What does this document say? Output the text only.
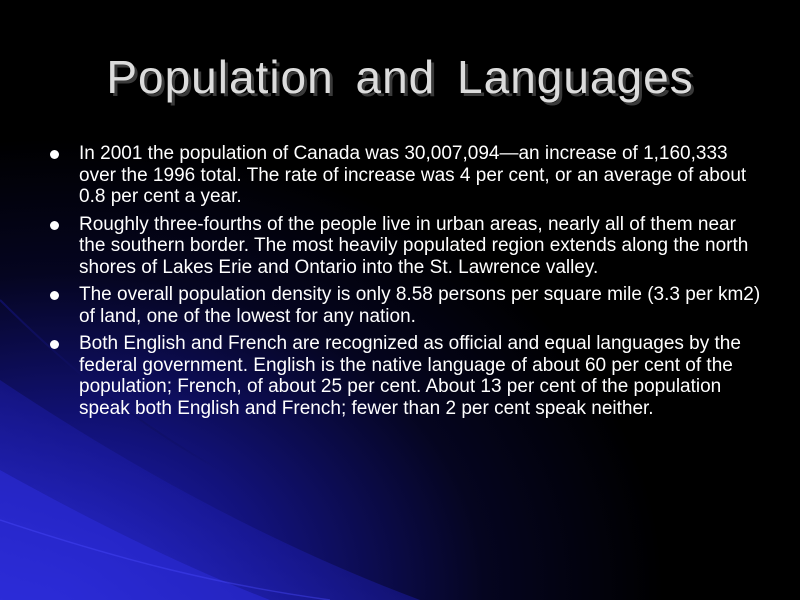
Population and Languages
In 2001 the population of Canada was 30,007,094—an increase of 1,160,333 over the 1996 total. The rate of increase was 4 per cent, or an average of about 0.8 per cent a year.
Roughly three-fourths of the people live in urban areas, nearly all of them near the southern border. The most heavily populated region extends along the north shores of Lakes Erie and Ontario into the St. Lawrence valley.
The overall population density is only 8.58 persons per square mile (3.3 per km2) of land, one of the lowest for any nation.
Both English and French are recognized as official and equal languages by the federal government. English is the native language of about 60 per cent of the population; French, of about 25 per cent. About 13 per cent of the population speak both English and French; fewer than 2 per cent speak neither.
